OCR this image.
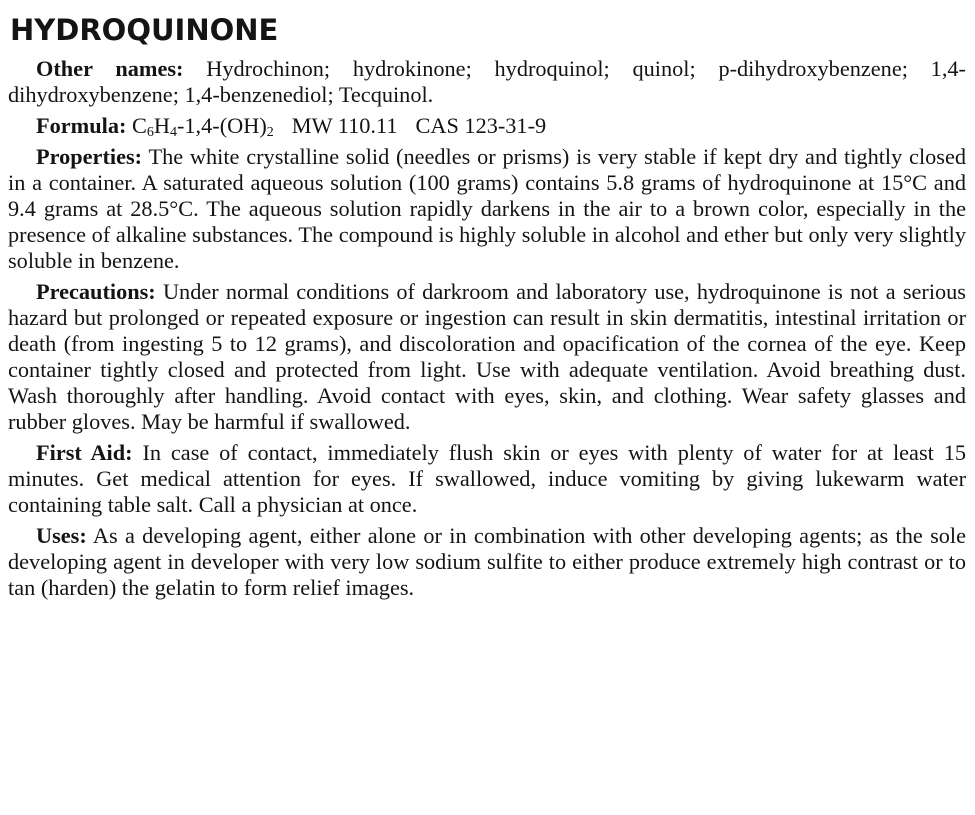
HYDROQUINONE

Other names: Hydrochinon; hydrokinone; hydroquinol; quinol; p-dihydroxybenzene; 1,4-dihydroxybenzene; 1,4-benzenediol; Tecquinol.

Formula: $C_6H_4-1,4-(OH)_2$ MW 110.11 CAS 123-31-9

Properties: The white crystalline solid (needles or prisms) is very stable if kept dry and tightly closed in a container. A saturated aqueous solution (100 grams) contains 5.8 grams of hydroquinone at 15°C and 9.4 grams at 28.5°C. The aqueous solution rapidly darkens in the air to a brown color, especially in the presence of alkaline substances. The compound is highly soluble in alcohol and ether but only very slightly soluble in benzene.

Precautions: Under normal conditions of darkroom and laboratory use, hydroquinone is not a serious hazard but prolonged or repeated exposure or ingestion can result in skin dermatitis, intestinal irritation or death (from ingesting 5 to 12 grams), and discoloration and opacification of the cornea of the eye. Keep container tightly closed and protected from light. Use with adequate ventilation. Avoid breathing dust. Wash thoroughly after handling. Avoid contact with eyes, skin, and clothing. Wear safety glasses and rubber gloves. May be harmful if swallowed.

First Aid: In case of contact, immediately flush skin or eyes with plenty of water for at least 15 minutes. Get medical attention for eyes. If swallowed, induce vomiting by giving lukewarm water containing table salt. Call a physician at once.

Uses: As a developing agent, either alone or in combination with other developing agents; as the sole developing agent in developer with very low sodium sulfite to either produce extremely high contrast or to tan (harden) the gelatin to form relief images.
